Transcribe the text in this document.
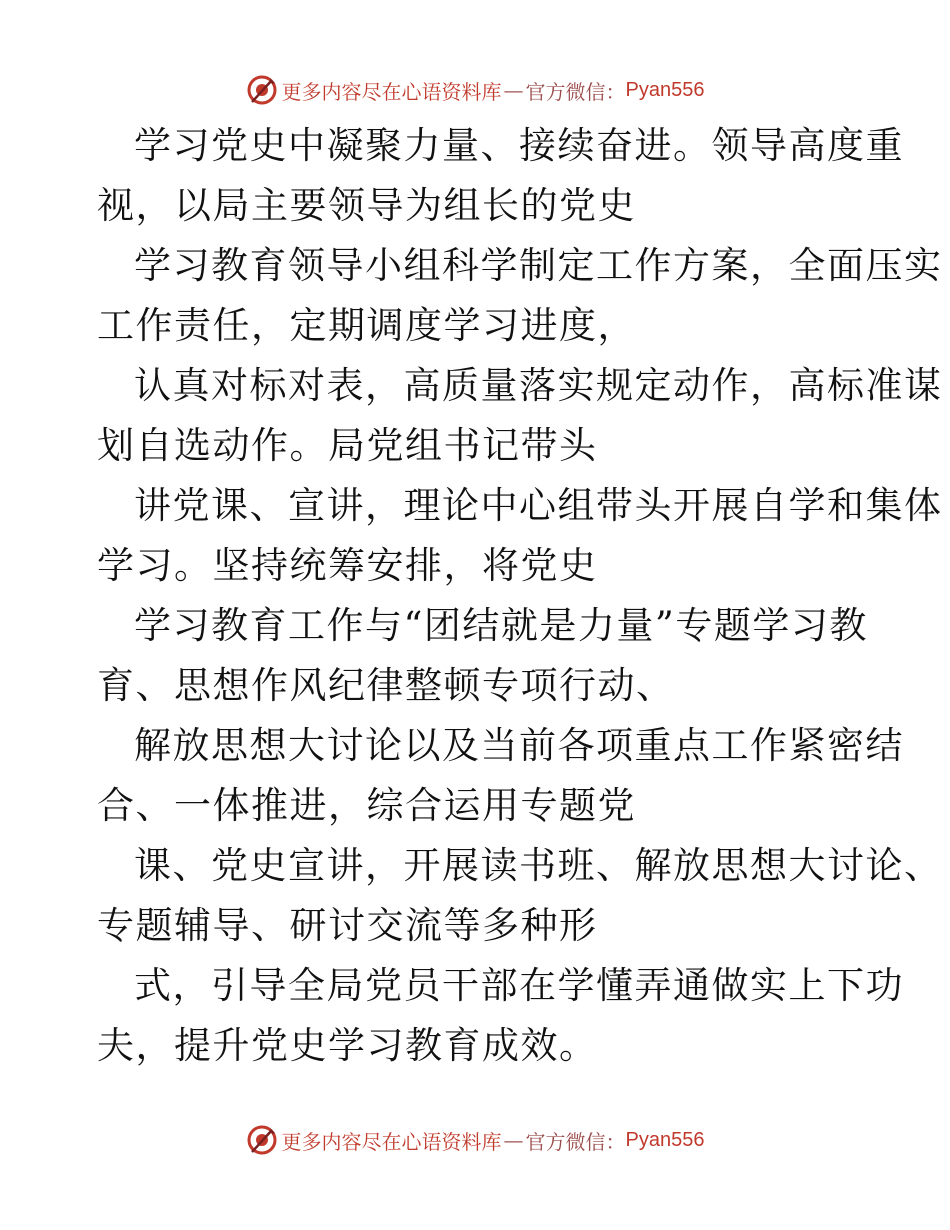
更多内容尽在心语资料库 — 官方微信： Pyan556
学习党史中凝聚力量、接续奋进。领导高度重
视，以局主要领导为组长的党史
学习教育领导小组科学制定工作方案，全面压实
工作责任，定期调度学习进度，
认真对标对表，高质量落实规定动作，高标准谋
划自选动作。局党组书记带头
讲党课、宣讲，理论中心组带头开展自学和集体
学习。坚持统筹安排，将党史
学习教育工作与“团结就是力量”专题学习教
育、思想作风纪律整顿专项行动、
解放思想大讨论以及当前各项重点工作紧密结
合、一体推进，综合运用专题党
课、党史宣讲，开展读书班、解放思想大讨论、
专题辅导、研讨交流等多种形
式，引导全局党员干部在学懂弄通做实上下功
夫，提升党史学习教育成效。
更多内容尽在心语资料库 — 官方微信： Pyan556
